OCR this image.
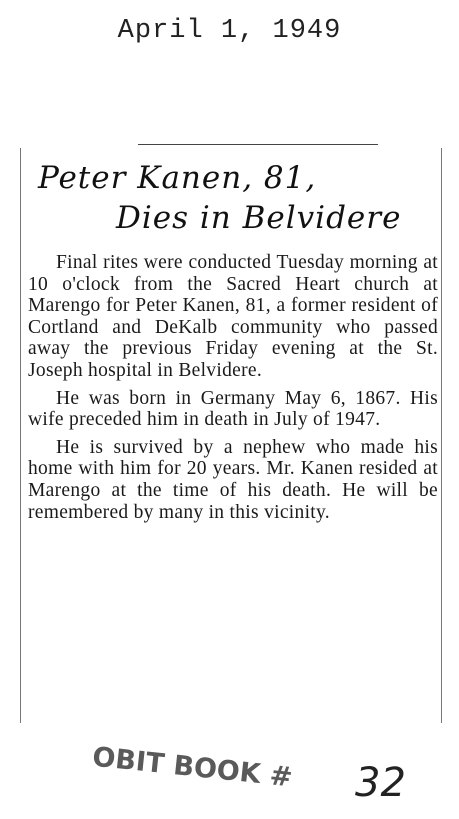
April 1, 1949
Peter Kanen, 81,
Dies in Belvidere

Final rites were conducted Tuesday morning at 10 o'clock from the Sacred Heart church at Marengo for Peter Kanen, 81, a former resident of Cortland and DeKalb community who passed away the previous Friday evening at the St. Joseph hospital in Belvidere.

He was born in Germany May 6, 1867. His wife preceded him in death in July of 1947.

He is survived by a nephew who made his home with him for 20 years. Mr. Kanen resided at Marengo at the time of his death. He will be remembered by many in this vicinity.

OBIT BOOK # 32
